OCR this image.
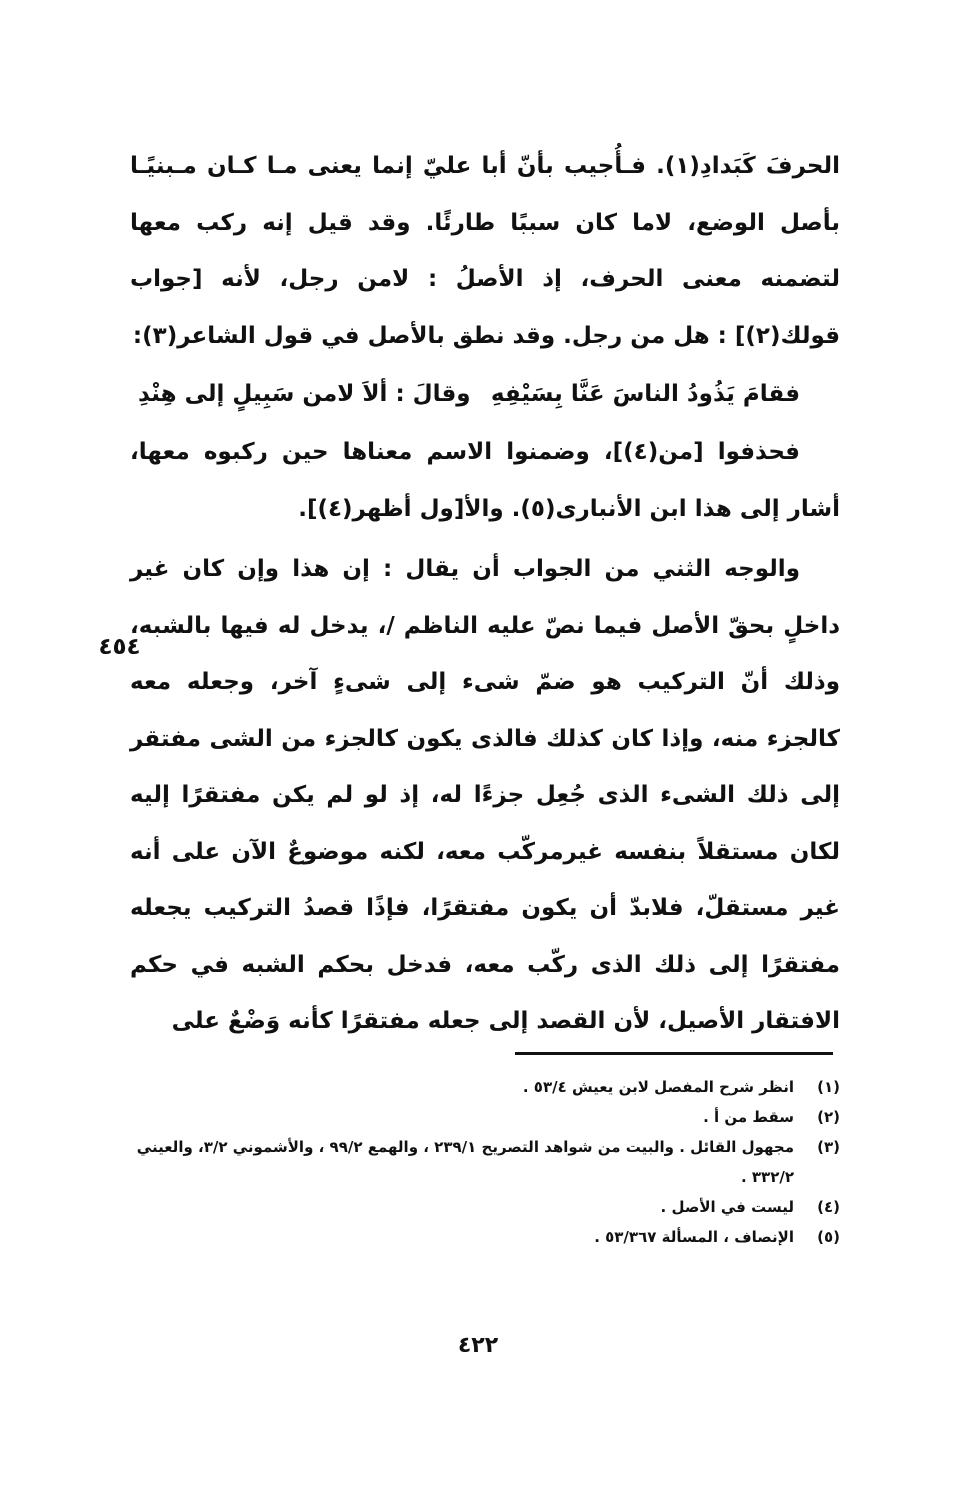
الحرفَ كَبَدادِ(١). فـأُجيب بأنّ أبا عليّ إنما يعنى مـا كـان مـبنيًـا بأصل الوضع، لاما كان سببًا طارئًا. وقد قيل إنه ركب معها لتضمنه معنى الحرف، إذ الأصلُ : لامن رجل، لأنه [جواب قولك(٢)] : هل من رجل. وقد نطق بالأصل في قول الشاعر(٣):

فقامَ يَذُودُ الناسَ عَنَّا بِسَيْفِهِ
وقالَ : ألاَ لامن سَبِيلٍ إلى هِنْدِ

فحذفوا [من(٤)]، وضمنوا الاسم معناها حين ركبوه معها، أشار إلى هذا ابن الأنبارى(٥). والأ[ول أظهر(٤)].

والوجه الثني من الجواب أن يقال : إن هذا وإن كان غير داخلٍ بحقّ الأصل فيما نصّ عليه الناظم /، يدخل له فيها بالشبه، وذلك أنّ التركيب هو ضمّ شىء إلى شىءٍ آخر، وجعله معه كالجزء منه، وإذا كان كذلك فالذى يكون كالجزء من الشى مفتقر إلى ذلك الشىء الذى جُعِل جزءًا له، إذ لو لم يكن مفتقرًا إليه لكان مستقلاً بنفسه غيرمركّب معه، لكنه موضوعٌ الآن على أنه غير مستقلّ، فلابدّ أن يكون مفتقرًا، فإذًا قصدُ التركيب يجعله مفتقرًا إلى ذلك الذى ركّب معه، فدخل بحكم الشبه في حكم الافتقار الأصيل، لأن القصد إلى جعله مفتقرًا كأنه وَضْعٌ على

٤٥٤
(١)
انظر شرح المفصل لابن يعيش ٥٣/٤ .
(٢)
سقط من أ .
(٣)
مجهول القائل . والبيت من شواهد التصريح ٢٣٩/١ ، والهمع ٩٩/٢ ، والأشموني ٣/٢، والعيني ٣٣٢/٢ .
(٤)
ليست في الأصل .
(٥)
الإنصاف ، المسألة ٥٣/٣٦٧ .
٤٢٢
